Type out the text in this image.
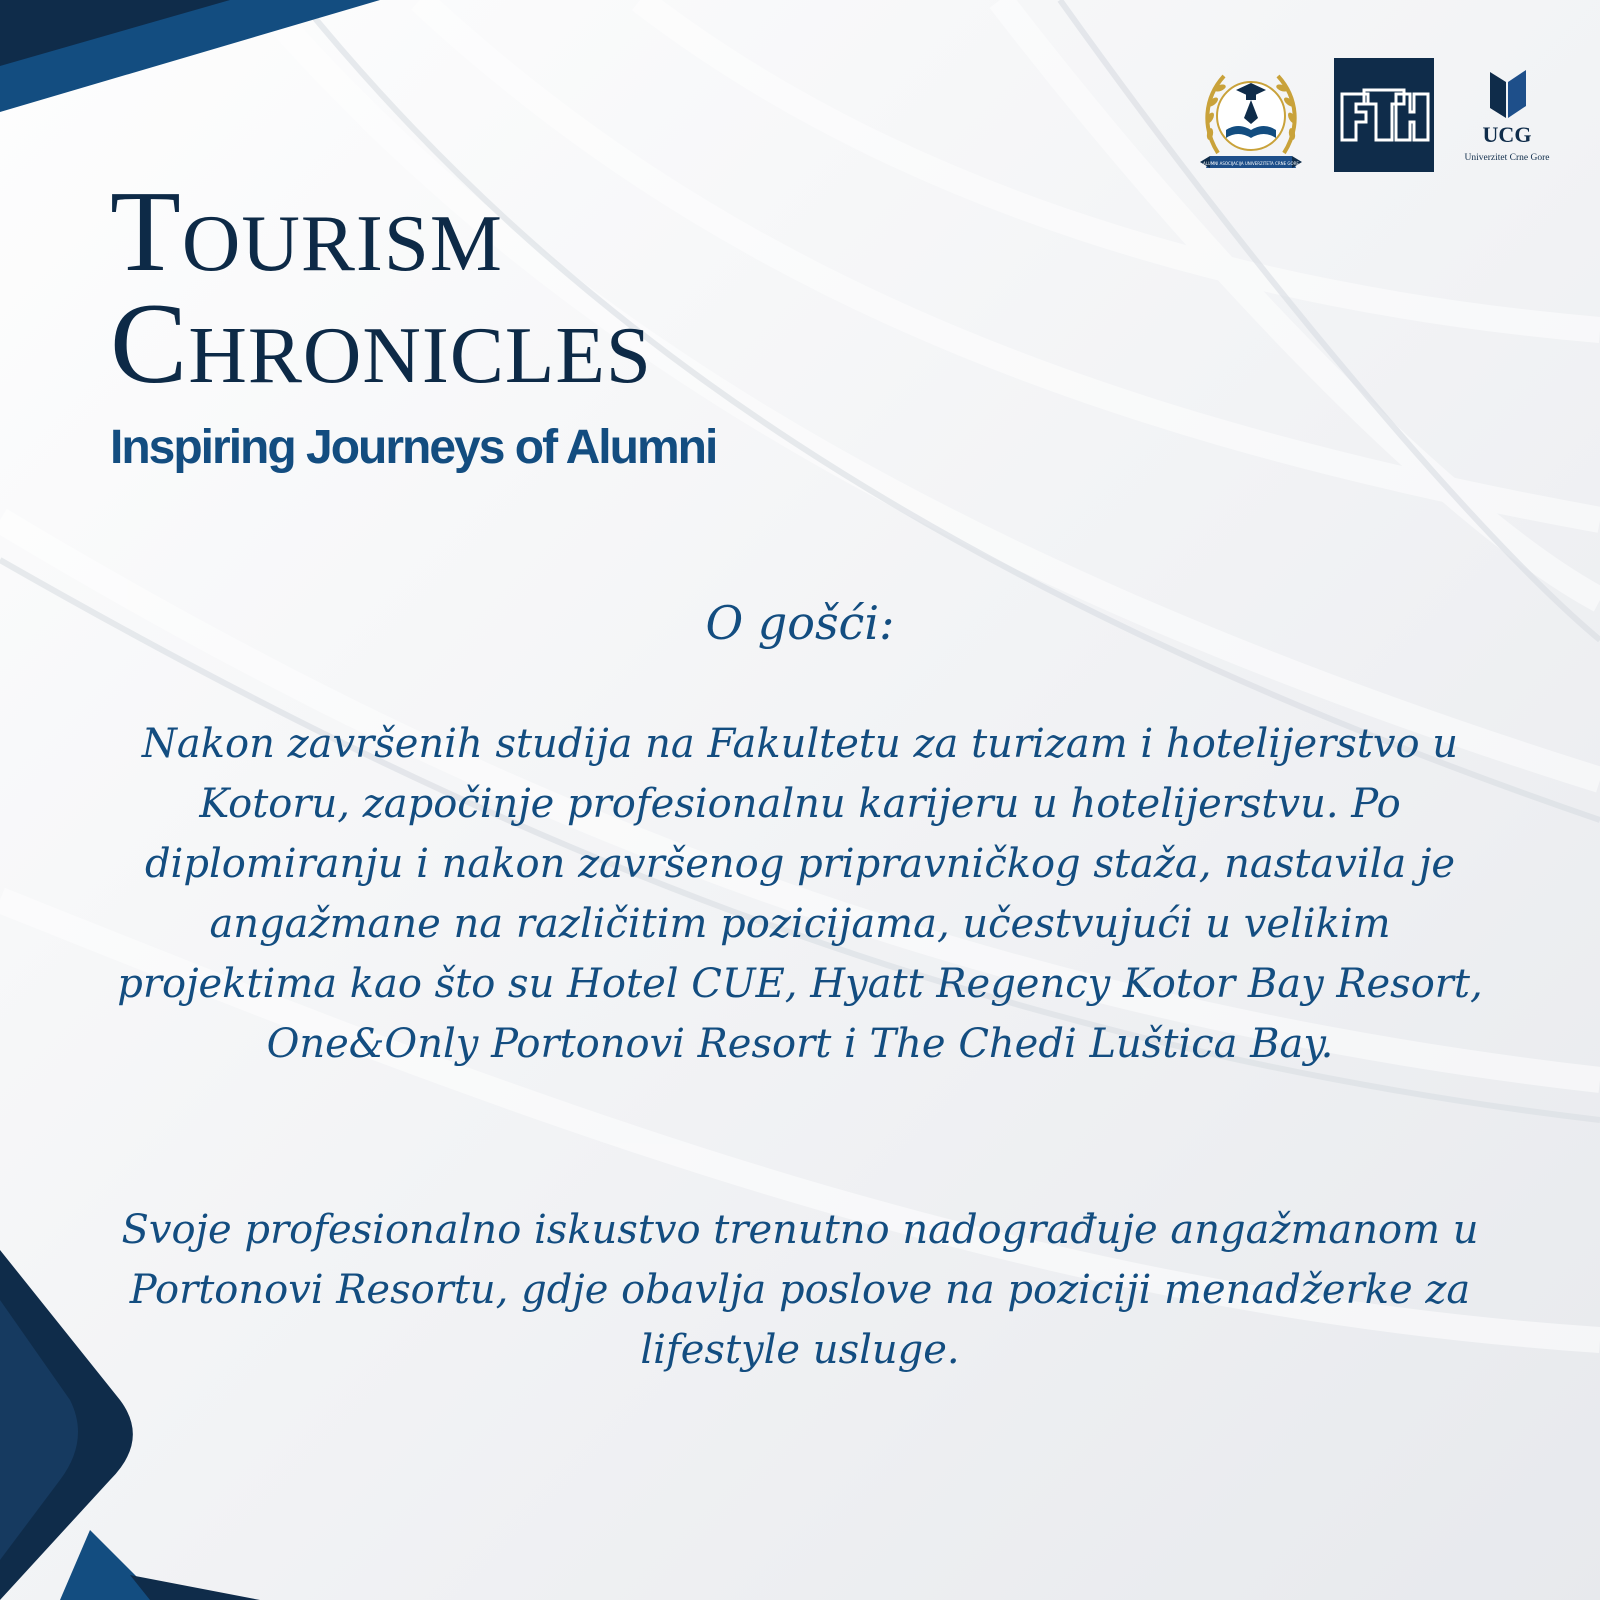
ALUMNI ASOCIJACIJA UNIVERZITETA CRNE GORE
UCG
Univerzitet Crne Gore
Tourism
Chronicles
Inspiring Journeys of Alumni
O gošći:

Nakon završenih studija na Fakultetu za turizam i hotelijerstvo u Kotoru, započinje profesionalnu karijeru u hotelijerstvu. Po diplomiranju i nakon završenog pripravničkog staža, nastavila je angažmane na različitim pozicijama, učestvujući u velikim projektima kao što su Hotel CUE, Hyatt Regency Kotor Bay Resort, One&Only Portonovi Resort i The Chedi Luštica Bay.

Svoje profesionalno iskustvo trenutno nadograđuje angažmanom u Portonovi Resortu, gdje obavlja poslove na poziciji menadžerke za lifestyle usluge.
